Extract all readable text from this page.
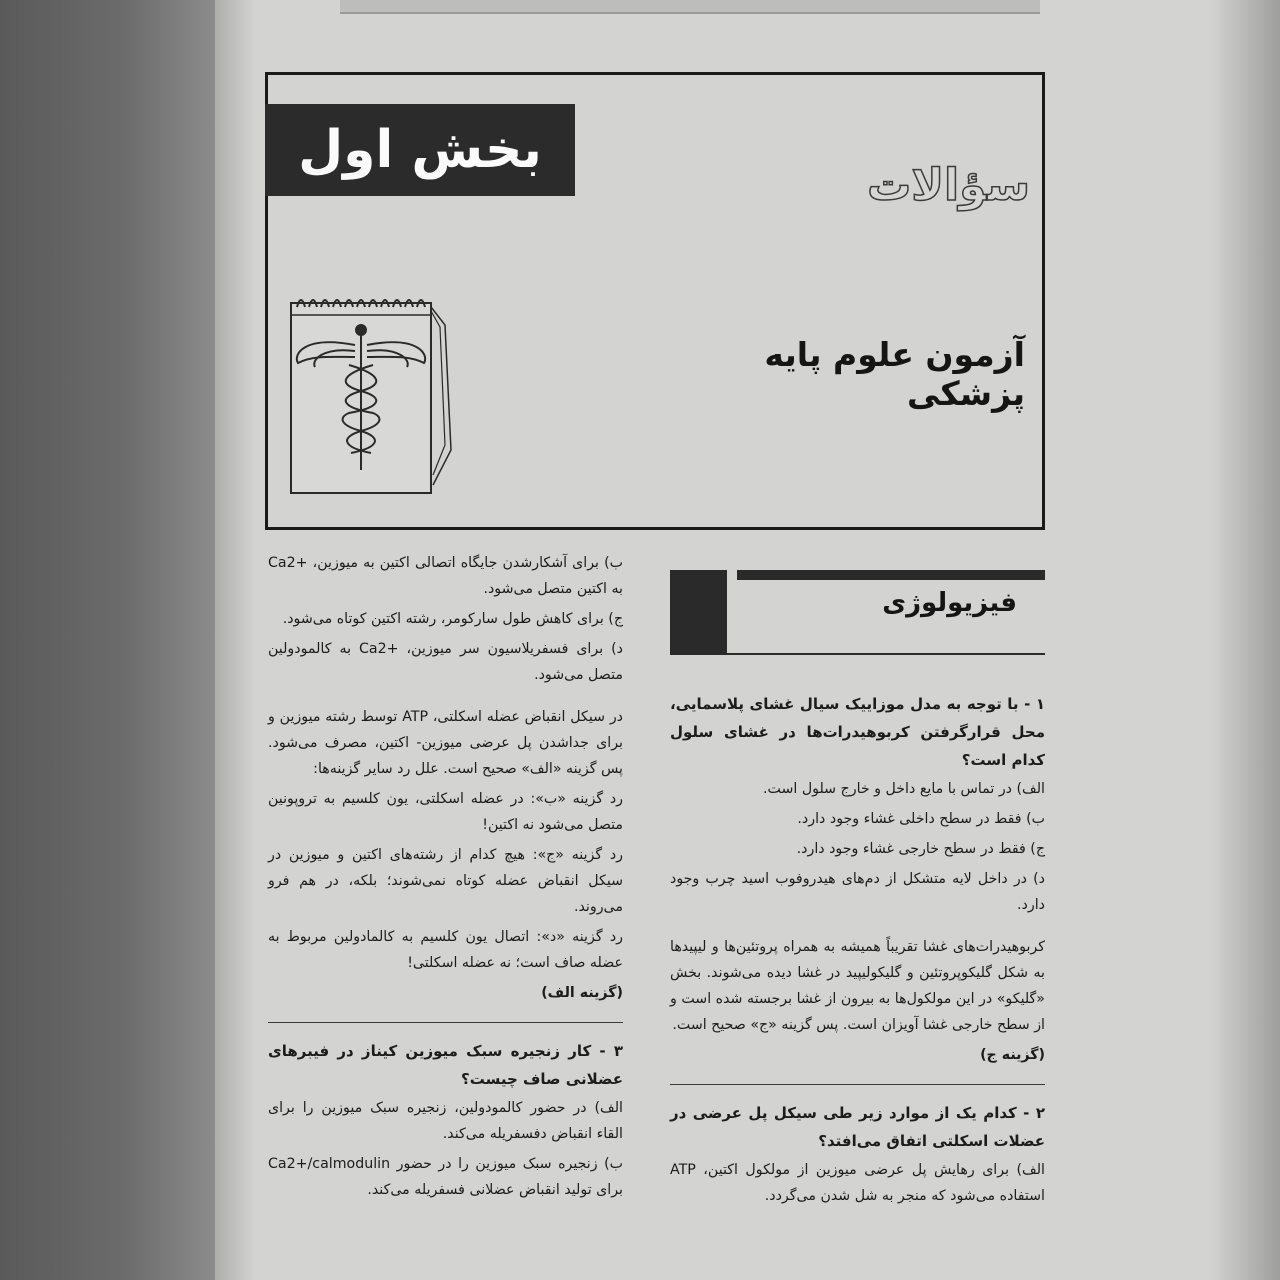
بخش اول
سؤالات
آزمون علوم پایه پزشکی
فیزیولوژی

۱ - با توجه به مدل موزاییک سیال غشای پلاسمایی، محل قرارگرفتن کربوهیدرات‌ها در غشای سلول کدام است؟

الف) در تماس با مایع داخل و خارج سلول است.

ب) فقط در سطح داخلی غشاء وجود دارد.

ج) فقط در سطح خارجی غشاء وجود دارد.

د) در داخل لایه متشکل از دم‌های هیدروفوب اسید چرب وجود دارد.

کربوهیدرات‌های غشا تقریباً همیشه به همراه پروتئین‌ها و لیپیدها به شکل گلیکوپروتئین و گلیکولیپید در غشا دیده می‌شوند. بخش «گلیکو» در این مولکول‌ها به بیرون از غشا برجسته شده است و از سطح خارجی غشا آویزان است. پس گزینه «ج» صحیح است.

(گزینه ج)

۲ - کدام یک از موارد زیر طی سیکل پل عرضی در عضلات اسکلتی اتفاق می‌افتد؟

الف) برای رهایش پل عرضی میوزین از مولکول اکتین، ATP استفاده می‌شود که منجر به شل شدن می‌گردد.

ب) برای آشکارشدن جایگاه اتصالی اکتین به میوزین، +Ca2 به اکتین متصل می‌شود.

ج) برای کاهش طول سارکومر، رشته اکتین کوتاه می‌شود.

د) برای فسفریلاسیون سر میوزین، +Ca2 به کالمودولین متصل می‌شود.

در سیکل انقباض عضله اسکلتی، ATP توسط رشته میوزین و برای جداشدن پل عرضی میوزین- اکتین، مصرف می‌شود. پس گزینه «الف» صحیح است. علل رد سایر گزینه‌ها:

رد گزینه «ب»: در عضله اسکلتی، یون کلسیم به تروپونین متصل می‌شود نه اکتین!

رد گزینه «ج»: هیچ کدام از رشته‌های اکتین و میوزین در سیکل انقباض عضله کوتاه نمی‌شوند؛ بلکه، در هم فرو می‌روند.

رد گزینه «د»: اتصال یون کلسیم به کالمادولین مربوط به عضله صاف است؛ نه عضله اسکلتی!

(گزینه الف)

۳ - کار زنجیره سبک میوزین کیناز در فیبرهای عضلانی صاف چیست؟

الف) در حضور کالمودولین، زنجیره سبک میوزین را برای القاء انقباض دفسفریله می‌کند.

ب) زنجیره سبک میوزین را در حضور Ca2+/calmodulin برای تولید انقباض عضلانی فسفریله می‌کند.
